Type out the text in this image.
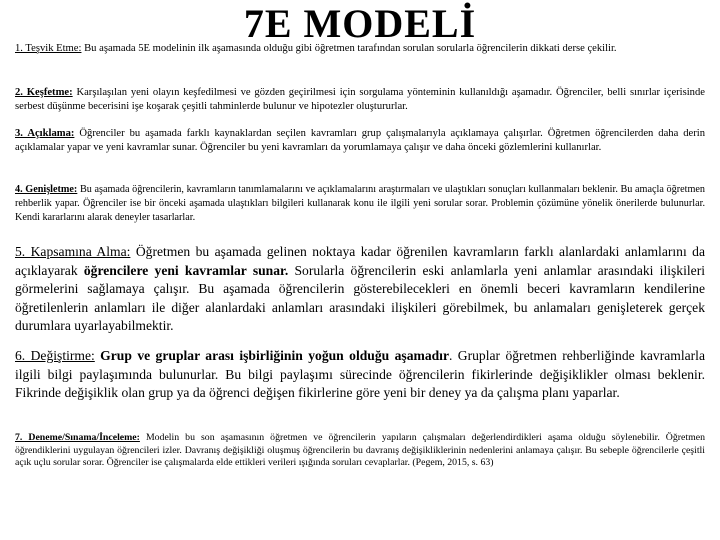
7E MODELİ

1. Teşvik Etme: Bu aşamada 5E modelinin ilk aşamasında olduğu gibi öğretmen tarafından sorulan sorularla öğrencilerin dikkati derse çekilir.

2. Keşfetme: Karşılaşılan yeni olayın keşfedilmesi ve gözden geçirilmesi için sorgulama yönteminin kullanıldığı aşamadır. Öğrenciler, belli sınırlar içerisinde serbest düşünme becerisini işe koşarak çeşitli tahminlerde bulunur ve hipotezler oluştururlar.

3. Açıklama: Öğrenciler bu aşamada farklı kaynaklardan seçilen kavramları grup çalışmalarıyla açıklamaya çalışırlar. Öğretmen öğrencilerden daha derin açıklamalar yapar ve yeni kavramlar sunar. Öğrenciler bu yeni kavramları da yorumlamaya çalışır ve daha önceki gözlemlerini kullanırlar.

4. Genişletme: Bu aşamada öğrencilerin, kavramların tanımlamalarını ve açıklamalarını araştırmaları ve ulaştıkları sonuçları kullanmaları beklenir. Bu amaçla öğretmen rehberlik yapar. Öğrenciler ise bir önceki aşamada ulaştıkları bilgileri kullanarak konu ile ilgili yeni sorular sorar. Problemin çözümüne yönelik önerilerde bulunurlar. Kendi kararlarını alarak deneyler tasarlarlar.

5. Kapsamına Alma: Öğretmen bu aşamada gelinen noktaya kadar öğrenilen kavramların farklı alanlardaki anlamlarını da açıklayarak öğrencilere yeni kavramlar sunar. Sorularla öğrencilerin eski anlamlarla yeni anlamlar arasındaki ilişkileri görmelerini sağlamaya çalışır. Bu aşamada öğrencilerin gösterebilecekleri en önemli beceri kavramların kendilerine öğretilenlerin anlamları ile diğer alanlardaki anlamları arasındaki ilişkileri görebilmek, bu anlamaları genişleterek gerçek durumlara uyarlayabilmektir.

6. Değiştirme: Grup ve gruplar arası işbirliğinin yoğun olduğu aşamadır. Gruplar öğretmen rehberliğinde kavramlarla ilgili bilgi paylaşımında bulunurlar. Bu bilgi paylaşımı sürecinde öğrencilerin fikirlerinde değişiklikler olması beklenir. Fikrinde değişiklik olan grup ya da öğrenci değişen fikirlerine göre yeni bir deney ya da çalışma planı yaparlar.

7. Deneme/Sınama/İnceleme: Modelin bu son aşamasının öğretmen ve öğrencilerin yapıların çalışmaları değerlendirdikleri aşama olduğu söylenebilir. Öğretmen öğrendiklerini uygulayan öğrencileri izler. Davranış değişikliği oluşmuş öğrencilerin bu davranış değişikliklerinin nedenlerini anlamaya çalışır. Bu sebeple öğrencilerle çeşitli açık uçlu sorular sorar. Öğrenciler ise çalışmalarda elde ettikleri verileri ışığında soruları cevaplarlar. (Pegem, 2015, s. 63)
